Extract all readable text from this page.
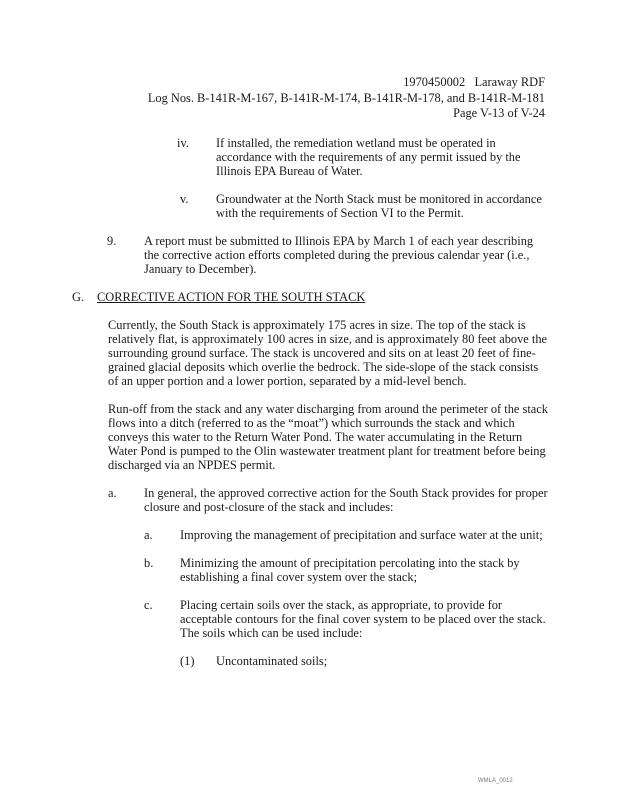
1970450002   Laraway RDF
Log Nos. B-141R-M-167, B-141R-M-174, B-141R-M-178, and B-141R-M-181
Page V-13 of V-24
iv. If installed, the remediation wetland must be operated in
accordance with the requirements of any permit issued by the
Illinois EPA Bureau of Water.
v. Groundwater at the North Stack must be monitored in accordance
with the requirements of Section VI to the Permit.
9. A report must be submitted to Illinois EPA by March 1 of each year describing
the corrective action efforts completed during the previous calendar year (i.e.,
January to December).
G. CORRECTIVE ACTION FOR THE SOUTH STACK
Currently, the South Stack is approximately 175 acres in size. The top of the stack is
relatively flat, is approximately 100 acres in size, and is approximately 80 feet above the
surrounding ground surface. The stack is uncovered and sits on at least 20 feet of fine-
grained glacial deposits which overlie the bedrock. The side-slope of the stack consists
of an upper portion and a lower portion, separated by a mid-level bench.
Run-off from the stack and any water discharging from around the perimeter of the stack
flows into a ditch (referred to as the “moat”) which surrounds the stack and which
conveys this water to the Return Water Pond. The water accumulating in the Return
Water Pond is pumped to the Olin wastewater treatment plant for treatment before being
discharged via an NPDES permit.
a. In general, the approved corrective action for the South Stack provides for proper
closure and post-closure of the stack and includes:
a. Improving the management of precipitation and surface water at the unit;
b. Minimizing the amount of precipitation percolating into the stack by
establishing a final cover system over the stack;
c. Placing certain soils over the stack, as appropriate, to provide for
acceptable contours for the final cover system to be placed over the stack.
The soils which can be used include:
(1) Uncontaminated soils;
WMLA_0012
